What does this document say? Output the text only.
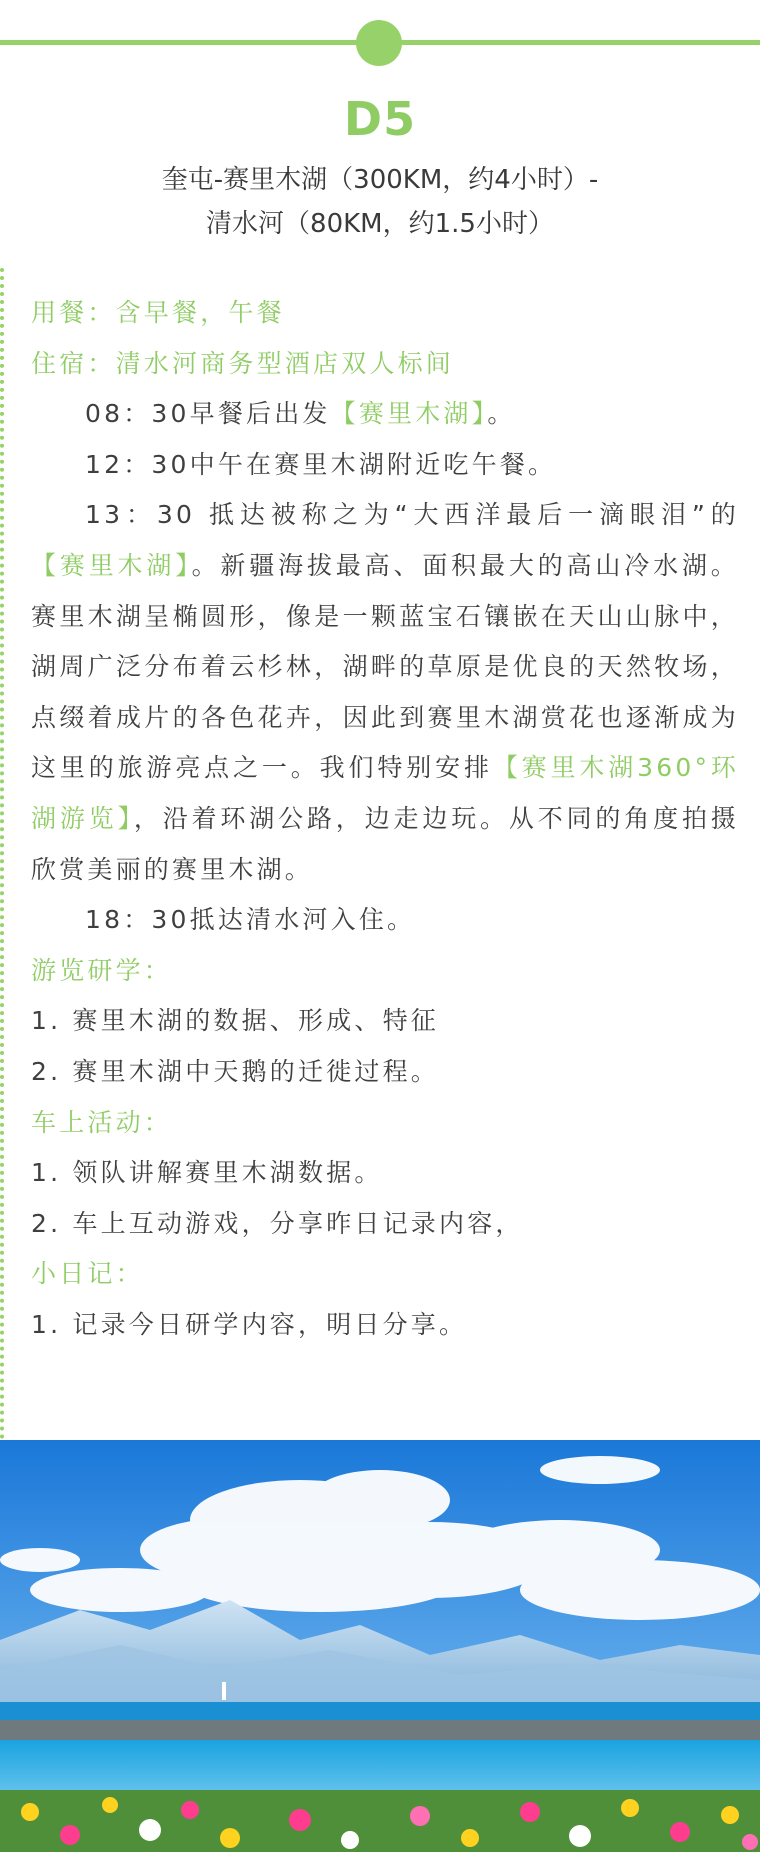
D5
奎屯-赛里木湖（300KM，约4小时）-
清水河（80KM，约1.5小时）

用餐：含早餐，午餐

住宿：清水河商务型酒店双人标间

08：30早餐后出发【赛里木湖】。

12：30中午在赛里木湖附近吃午餐。

13：30 抵达被称之为“大西洋最后一滴眼泪”的【赛里木湖】。新疆海拔最高、面积最大的高山冷水湖。赛里木湖呈椭圆形，像是一颗蓝宝石镶嵌在天山山脉中，湖周广泛分布着云杉林，湖畔的草原是优良的天然牧场，点缀着成片的各色花卉，因此到赛里木湖赏花也逐渐成为这里的旅游亮点之一。我们特别安排【赛里木湖360°环湖游览】，沿着环湖公路，边走边玩。从不同的角度拍摄欣赏美丽的赛里木湖。

18：30抵达清水河入住。

游览研学：

1. 赛里木湖的数据、形成、特征

2. 赛里木湖中天鹅的迁徙过程。

车上活动：

1. 领队讲解赛里木湖数据。

2. 车上互动游戏，分享昨日记录内容，

小日记：

1. 记录今日研学内容，明日分享。
